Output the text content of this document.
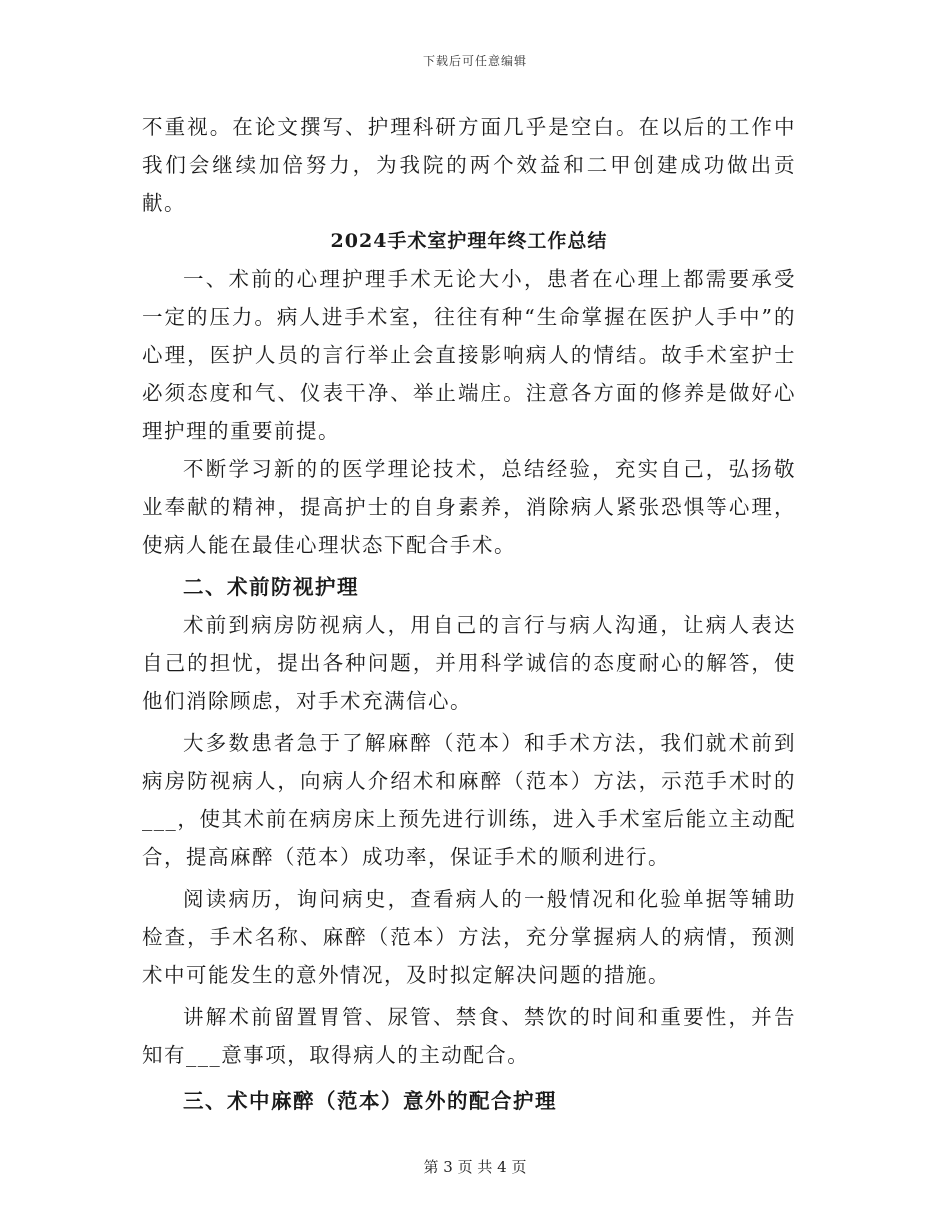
下载后可任意编辑

不重视。在论文撰写、护理科研方面几乎是空白。在以后的工作中我们会继续加倍努力，为我院的两个效益和二甲创建成功做出贡献。

2024手术室护理年终工作总结

一、术前的心理护理手术无论大小，患者在心理上都需要承受一定的压力。病人进手术室，往往有种“生命掌握在医护人手中”的心理，医护人员的言行举止会直接影响病人的情结。故手术室护士必须态度和气、仪表干净、举止端庄。注意各方面的修养是做好心理护理的重要前提。

不断学习新的的医学理论技术，总结经验，充实自己，弘扬敬业奉献的精神，提高护士的自身素养，消除病人紧张恐惧等心理，使病人能在最佳心理状态下配合手术。

二、术前防视护理

术前到病房防视病人，用自己的言行与病人沟通，让病人表达自己的担忧，提出各种问题，并用科学诚信的态度耐心的解答，使他们消除顾虑，对手术充满信心。

大多数患者急于了解麻醉（范本）和手术方法，我们就术前到病房防视病人，向病人介绍术和麻醉（范本）方法，示范手术时的___，使其术前在病房床上预先进行训练，进入手术室后能立主动配合，提高麻醉（范本）成功率，保证手术的顺利进行。

阅读病历，询问病史，查看病人的一般情况和化验单据等辅助检查，手术名称、麻醉（范本）方法，充分掌握病人的病情，预测术中可能发生的意外情况，及时拟定解决问题的措施。

讲解术前留置胃管、尿管、禁食、禁饮的时间和重要性，并告知有___意事项，取得病人的主动配合。

三、术中麻醉（范本）意外的配合护理

第 3 页 共 4 页
